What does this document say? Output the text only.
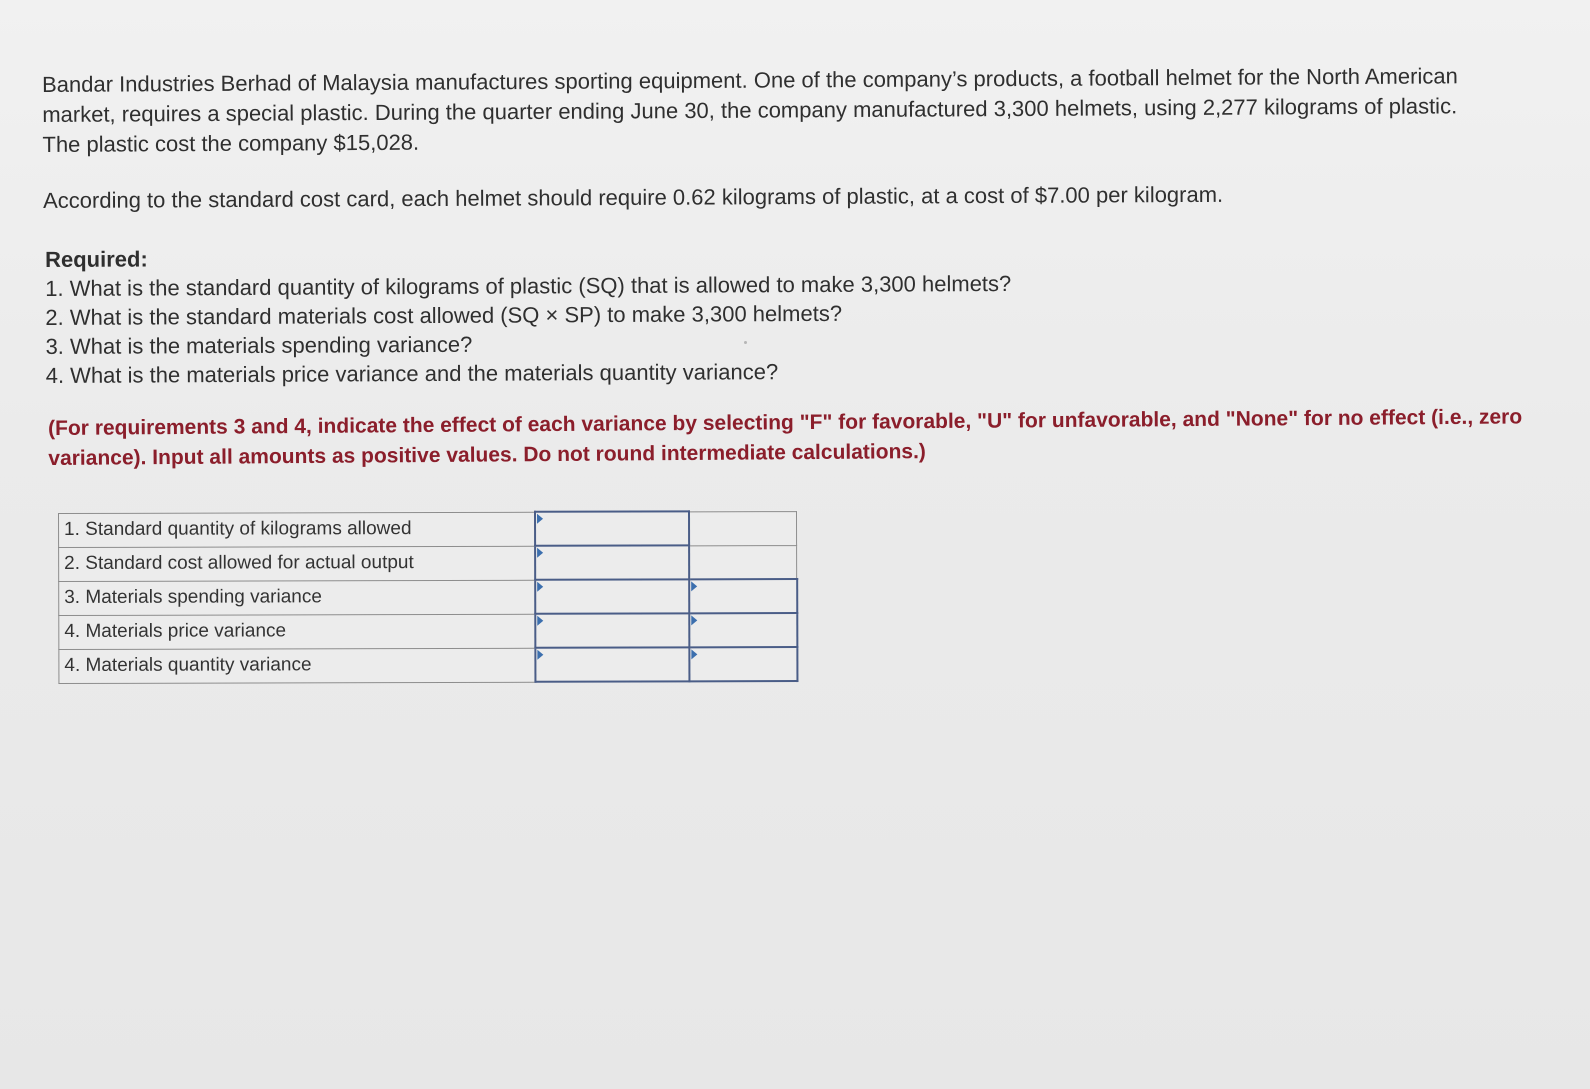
Bandar Industries Berhad of Malaysia manufactures sporting equipment. One of the company’s products, a football helmet for the North American market, requires a special plastic. During the quarter ending June 30, the company manufactured 3,300 helmets, using 2,277 kilograms of plastic. The plastic cost the company $15,028.

According to the standard cost card, each helmet should require 0.62 kilograms of plastic, at a cost of $7.00 per kilogram.

Required:

1. What is the standard quantity of kilograms of plastic (SQ) that is allowed to make 3,300 helmets?
2. What is the standard materials cost allowed (SQ × SP) to make 3,300 helmets?
3. What is the materials spending variance?
4. What is the materials price variance and the materials quantity variance?

(For requirements 3 and 4, indicate the effect of each variance by selecting "F" for favorable, "U" for unfavorable, and "None" for no effect (i.e., zero variance). Input all amounts as positive values. Do not round intermediate calculations.)

1. Standard quantity of kilograms allowed	

2. Standard cost allowed for actual output	

3. Materials spending variance	

4. Materials price variance	

4. Materials quantity variance	
